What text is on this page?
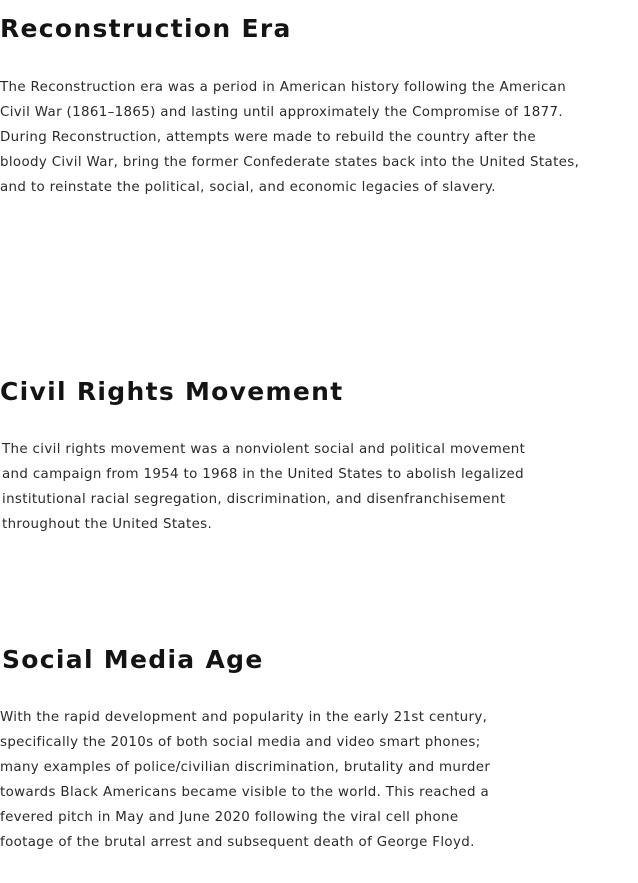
Reconstruction Era

The Reconstruction era was a period in American history following the American
Civil War (1861–1865) and lasting until approximately the Compromise of 1877.
During Reconstruction, attempts were made to rebuild the country after the
bloody Civil War, bring the former Confederate states back into the United States,
and to reinstate the political, social, and economic legacies of slavery.

Civil Rights Movement

The civil rights movement was a nonviolent social and political movement
and campaign from 1954 to 1968 in the United States to abolish legalized
institutional racial segregation, discrimination, and disenfranchisement
throughout the United States.

Social Media Age

With the rapid development and popularity in the early 21st century,
specifically the 2010s of both social media and video smart phones;
many examples of police/civilian discrimination, brutality and murder
towards Black Americans became visible to the world. This reached a
fevered pitch in May and June 2020 following the viral cell phone
footage of the brutal arrest and subsequent death of George Floyd.
